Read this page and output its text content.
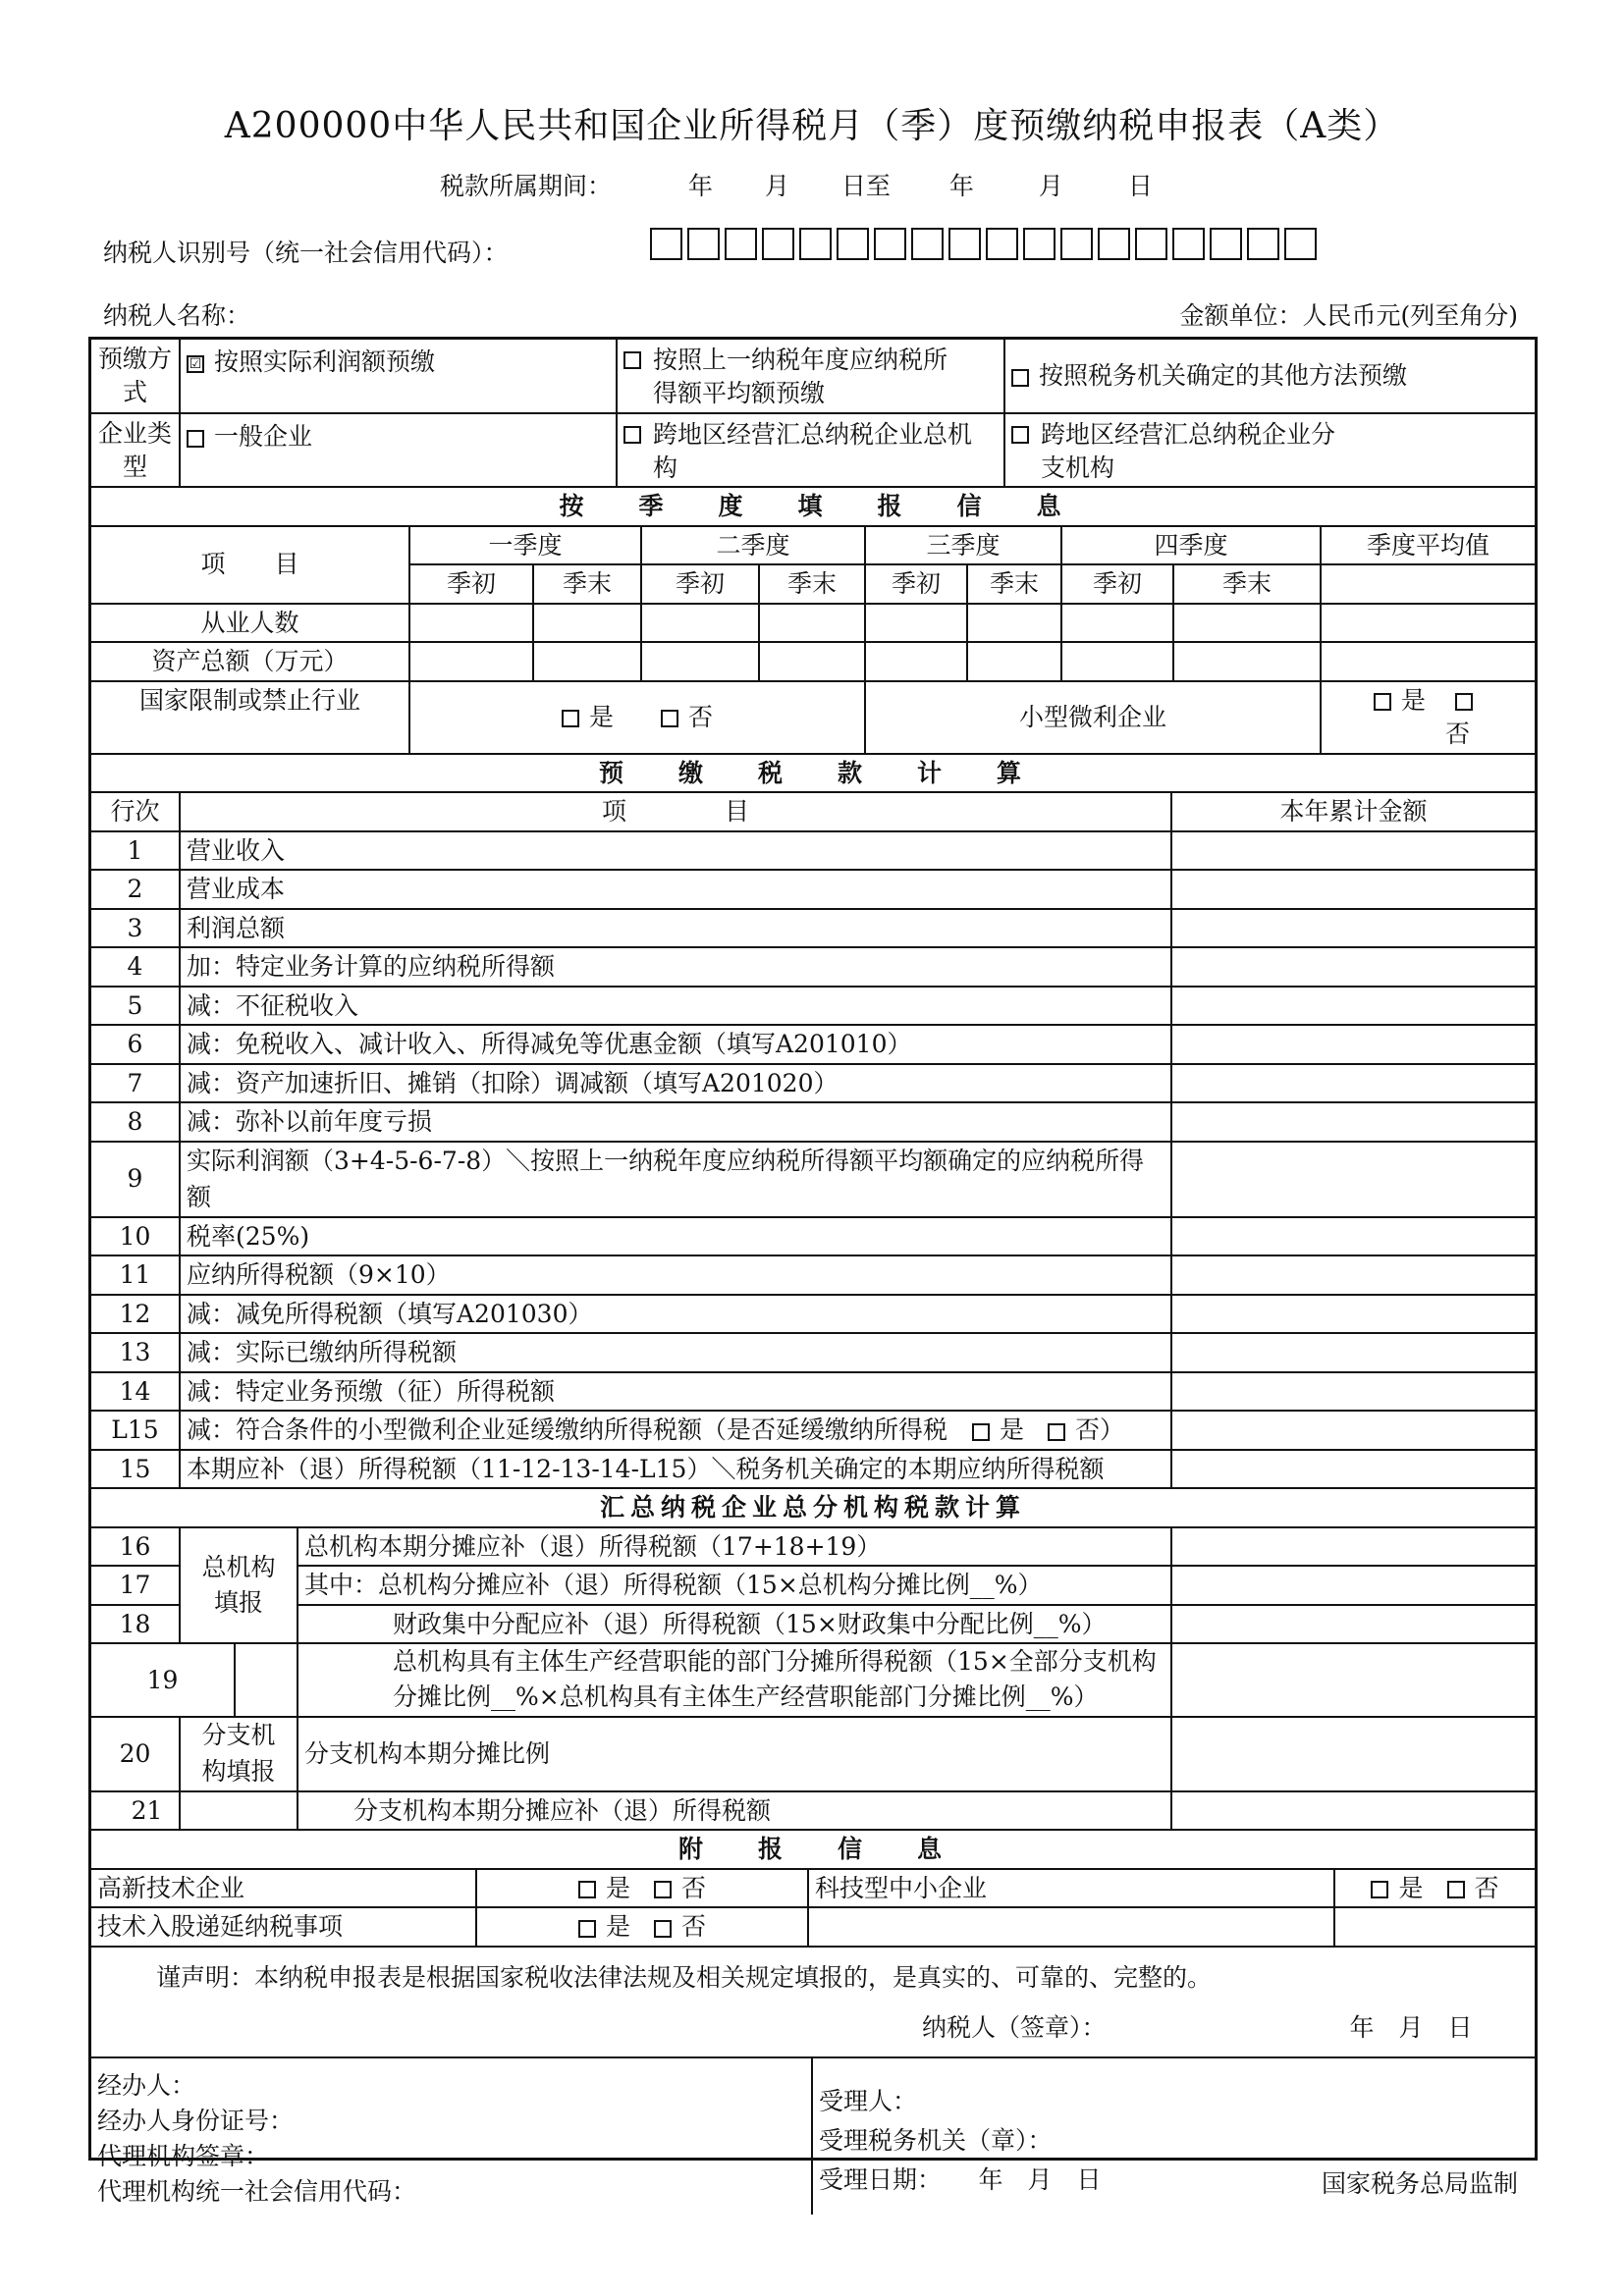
A200000中华人民共和国企业所得税月（季）度预缴纳税申报表（A类）
税款所属期间：	年 月 日至 年	月	日
纳税人识别号（统一社会信用代码）：
纳税人名称：	金额单位：人民币元(列至角分)
预缴方式	☑ 按照实际利润额预缴	按照上一纳税年度应纳税所得额平均额预缴	按照税务机关确定的其他方法预缴
企业类型	一般企业	跨地区经营汇总纳税企业总机构	跨地区经营汇总纳税企业分支机构
按季度填报信息									
项　　目	一季度		二季度		三季度		四季度		季度平均值
	季初	季末	季初	季末	季初	季末	季初	季末	
从业人数									
资产总额（万元）									
国家限制或禁止行业	是 否				小型微利企业				是
否
预缴税款计算		
行次	项　　　　目	本年累计金额
1	营业收入	
2	营业成本	
3	利润总额	
4	加：特定业务计算的应纳税所得额	
5	减：不征税收入	
6	减：免税收入、减计收入、所得减免等优惠金额（填写A201010）	
7	减：资产加速折旧、摊销（扣除）调减额（填写A201020）	
8	减：弥补以前年度亏损	
9	实际利润额（3+4-5-6-7-8）＼按照上一纳税年度应纳税所得额平均额确定的应纳税所得额	
10	税率(25%)	
11	应纳所得税额（9×10）	
12	减：减免所得税额（填写A201030）	
13	减：实际已缴纳所得税额	
14	减：特定业务预缴（征）所得税额	
L15	减：符合条件的小型微利企业延缓缴纳所得税额（是否延缓缴纳所得税　 是 否）	
15	本期应补（退）所得税额（11-12-13-14-L15）＼税务机关确定的本期应纳所得税额	
汇总纳税企业总分机构税款计算				
16	总机构填报		总机构本期分摊应补（退）所得税额（17+18+19）	
17			其中：总机构分摊应补（退）所得税额（15×总机构分摊比例__%）	
18			财政集中分配应补（退）所得税额（15×财政集中分配比例__%）	
19			总机构具有主体生产经营职能的部门分摊所得税额（15×全部分支机构分摊比例__%×总机构具有主体生产经营职能部门分摊比例__%）	
20	分支机构填报		分支机构本期分摊比例	
21			分支机构本期分摊应补（退）所得税额	
附报信息			
高新技术企业	是 否	科技型中小企业	是 否
技术入股递延纳税事项	是 否		
谨声明：本纳税申报表是根据国家税收法律法规及相关规定填报的，是真实的、可靠的、完整的。
纳税人（签章）：	年　月　日

经办人：
经办人身份证号：
代理机构签章：
代理机构统一社会信用代码：

受理人：
受理税务机关（章）：
受理日期：　　年　月　日	国家税务总局监制
